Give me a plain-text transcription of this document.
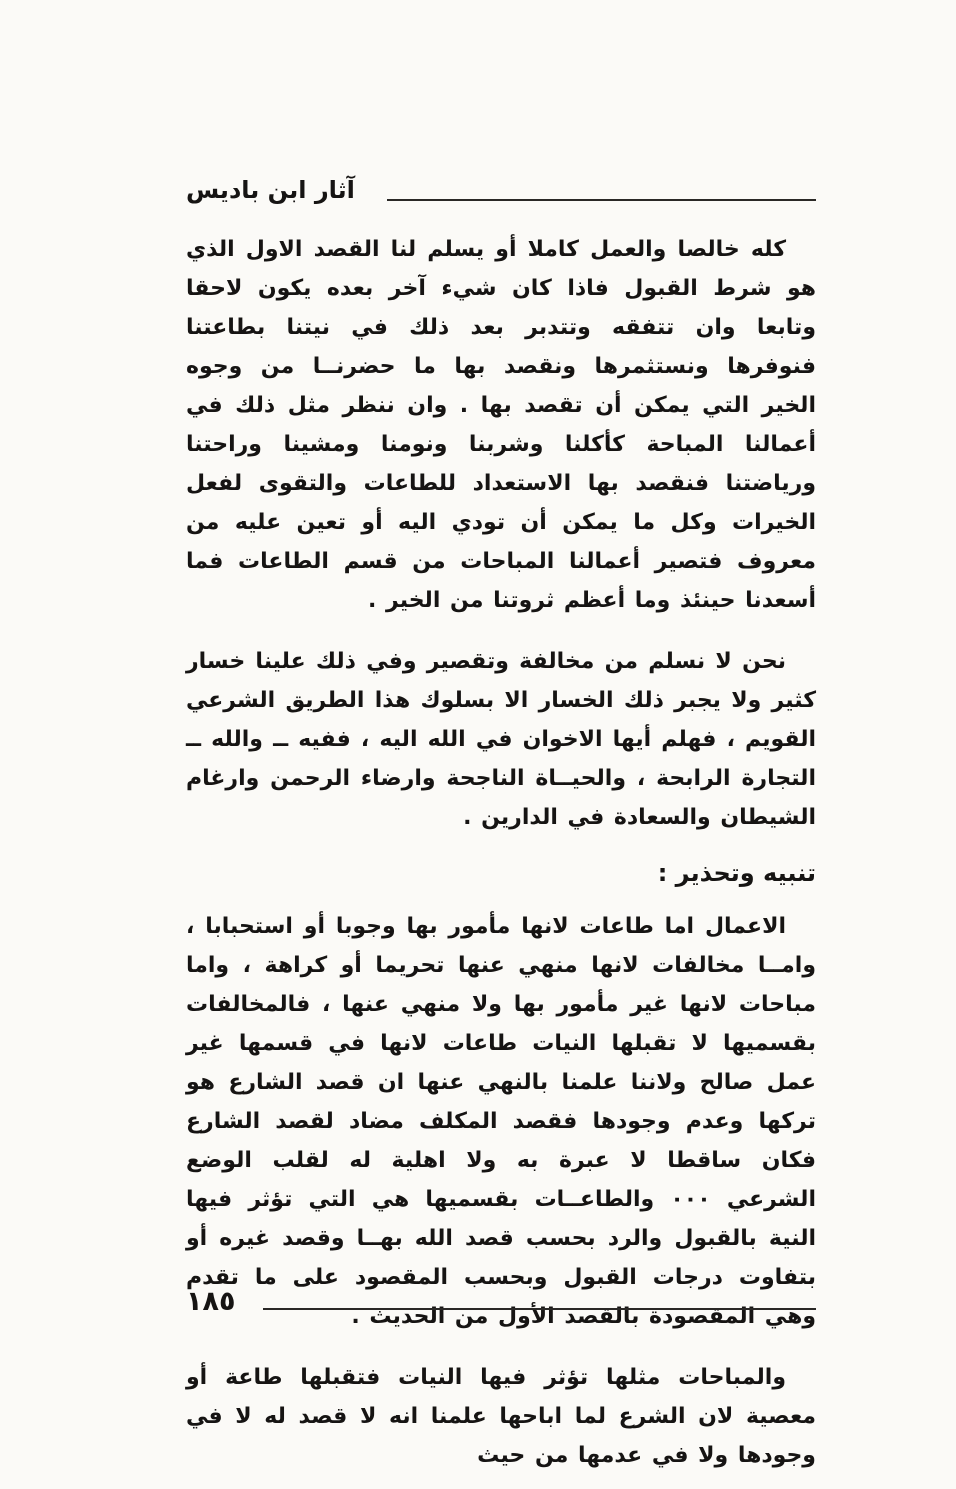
آثار ابن باديس

كله خالصا والعمل كاملا أو يسلم لنا القصد الاول الذي هو شرط القبول فاذا كان شيء آخر بعده يكون لاحقا وتابعا وان تتفقه وتتدبر بعد ذلك في نيتنا بطاعتنا فنوفرها ونستثمرها ونقصد بها ما حضرنــا من وجوه الخير التي يمكن أن تقصد بها . وان ننظر مثل ذلك في أعمالنا المباحة كأكلنا وشربنا ونومنا ومشينا وراحتنا ورياضتنا فنقصد بها الاستعداد للطاعات والتقوى لفعل الخيرات وكل ما يمكن أن تودي اليه أو تعين عليه من معروف فتصير أعمالنا المباحات من قسم الطاعات فما أسعدنا حينئذ وما أعظم ثروتنا من الخير .

نحن لا نسلم من مخالفة وتقصير وفي ذلك علينا خسار كثير ولا يجبر ذلك الخسار الا بسلوك هذا الطريق الشرعي القويم ، فهلم أيها الاخوان في الله اليه ، ففيه ــ والله ــ التجارة الرابحة ، والحيــاة الناجحة وارضاء الرحمن وارغام الشيطان والسعادة في الدارين .

تنبيه وتحذير :

الاعمال اما طاعات لانها مأمور بها وجوبا أو استحبابا ، وامــا مخالفات لانها منهي عنها تحريما أو كراهة ، واما مباحات لانها غير مأمور بها ولا منهي عنها ، فالمخالفات بقسميها لا تقبلها النيات طاعات لانها في قسمها غير عمل صالح ولاننا علمنا بالنهي عنها ان قصد الشارع هو تركها وعدم وجودها فقصد المكلف مضاد لقصد الشارع فكان ساقطا لا عبرة به ولا اهلية له لقلب الوضع الشرعي ٠٠٠ والطاعــات بقسميها هي التي تؤثر فيها النية بالقبول والرد بحسب قصد الله بهــا وقصد غيره أو بتفاوت درجات القبول وبحسب المقصود على ما تقدم وهي المقصودة بالقصد الأول من الحديث .

والمباحات مثلها تؤثر فيها النيات فتقبلها طاعة أو معصية لان الشرع لما اباحها علمنا انه لا قصد له لا في وجودها ولا في عدمها من حيث

١٨٥
